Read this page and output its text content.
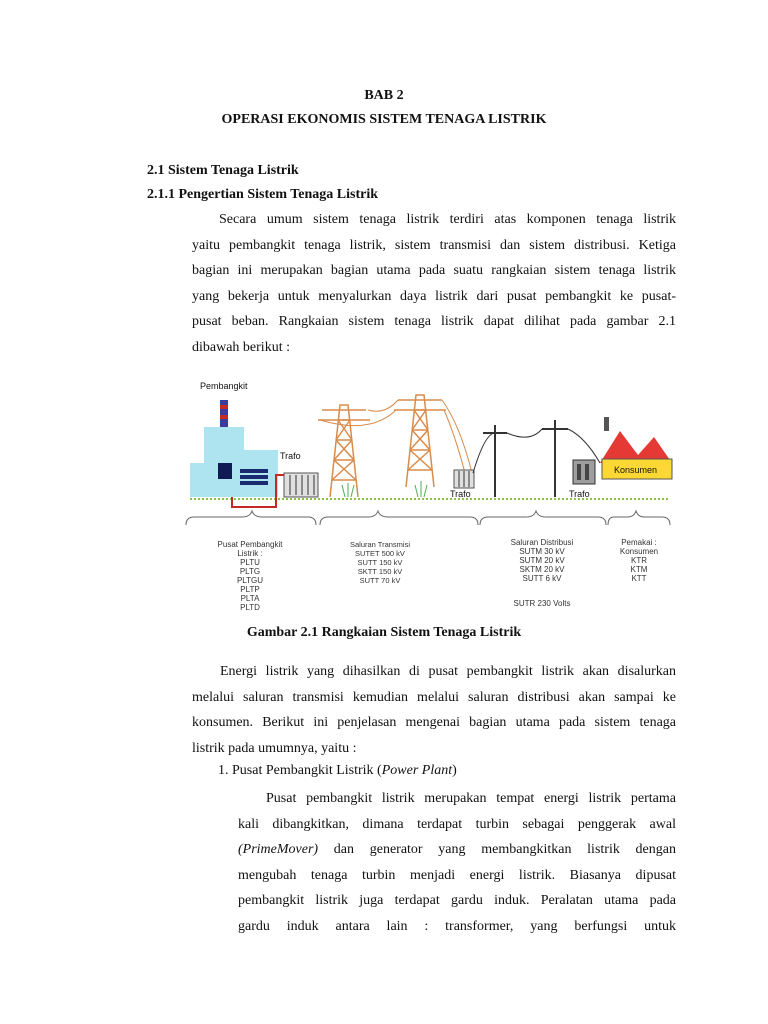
BAB 2
OPERASI EKONOMIS SISTEM TENAGA LISTRIK
2.1 Sistem Tenaga Listrik
2.1.1 Pengertian Sistem Tenaga Listrik
Secara umum sistem tenaga listrik terdiri atas komponen tenaga listrik
yaitu pembangkit tenaga listrik, sistem transmisi dan sistem distribusi. Ketiga
bagian ini merupakan bagian utama pada suatu rangkaian sistem tenaga listrik
yang bekerja untuk menyalurkan daya listrik dari pusat pembangkit ke pusat-
pusat beban. Rangkaian sistem tenaga listrik dapat dilihat pada gambar 2.1
dibawah berikut :
Pembangkit
Trafo
Trafo	Trafo
Konsumen
Pusat Pembangkit
Listrik :
PLTU
PLTG
PLTGU
PLTP
PLTA
PLTD
Saluran Transmisi
SUTET 500 kV
SUTT 150 kV
SKTT 150 kV
SUTT 70 kV
Saluran Distribusi
SUTM 30 kV
SUTM 20 kV
SKTM 20 kV
SUTT 6 kV
SUTR 230 Volts
Pemakai :
Konsumen
KTR
KTM
KTT
Gambar 2.1 Rangkaian Sistem Tenaga Listrik
Energi listrik yang dihasilkan di pusat pembangkit listrik akan disalurkan
melalui saluran transmisi kemudian melalui saluran distribusi akan sampai ke
konsumen. Berikut ini penjelasan mengenai bagian utama pada sistem tenaga
listrik pada umumnya, yaitu :
1. Pusat Pembangkit Listrik (Power Plant)
Pusat pembangkit listrik merupakan tempat energi listrik pertama
kali dibangkitkan, dimana terdapat turbin sebagai penggerak awal
(PrimeMover) dan generator yang membangkitkan listrik dengan
mengubah tenaga turbin menjadi energi listrik. Biasanya dipusat
pembangkit listrik juga terdapat gardu induk. Peralatan utama pada
gardu induk antara lain : transformer, yang berfungsi untuk
